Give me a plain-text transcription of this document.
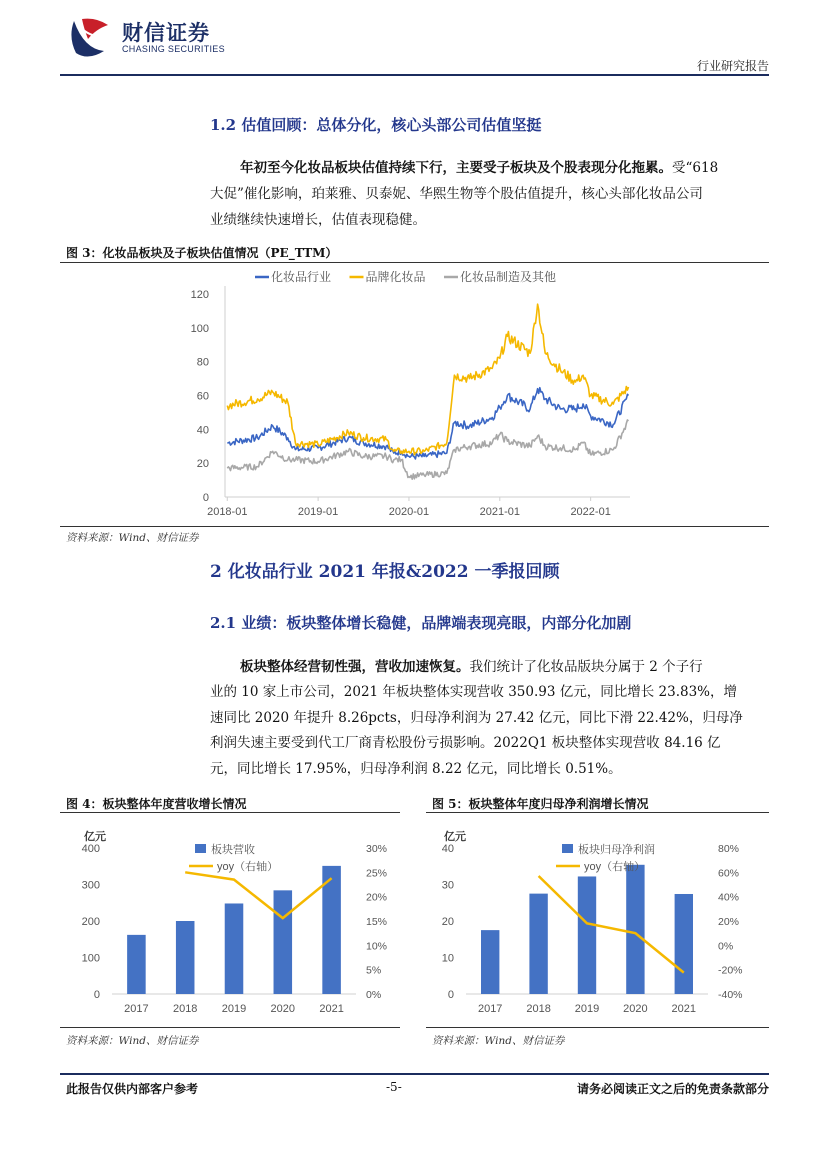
财信证券
CHASING SECURITIES
行业研究报告
1.2 估值回顾：总体分化，核心头部公司估值坚挺
年初至今化妆品板块估值持续下行，主要受子板块及个股表现分化拖累。受“618
大促”催化影响，珀莱雅、贝泰妮、华熙生物等个股估值提升，核心头部化妆品公司
业绩继续快速增长，估值表现稳健。
图 3：化妆品板块及子板块估值情况（PE_TTM）
0
20
40
60
80
100
120
2018-01	2019-01	2020-01	2021-01	2022-01
化妆品行业	品牌化妆品	化妆品制造及其他
资料来源：Wind、财信证券
2 化妆品行业 2021 年报&2022 一季报回顾
2.1 业绩：板块整体增长稳健，品牌端表现亮眼，内部分化加剧
板块整体经营韧性强，营收加速恢复。我们统计了化妆品版块分属于 2 个子行
业的 10 家上市公司，2021 年板块整体实现营收 350.93 亿元，同比增长 23.83%，增
速同比 2020 年提升 8.26pcts，归母净利润为 27.42 亿元，同比下滑 22.42%，归母净
利润失速主要受到代工厂商青松股份亏损影响。2022Q1 板块整体实现营收 84.16 亿
元，同比增长 17.95%，归母净利润 8.22 亿元，同比增长 0.51%。
图 4：板块整体年度营收增长情况
亿元
0
100
200
300
400
0%
5%
10%
15%
20%
25%
30%
2017 2018 2019 2020 2021
板块营收
yoy（右轴）
资料来源：Wind、财信证券
图 5：板块整体年度归母净利润增长情况
亿元
0
10
20
30
40
-40%
-20%
0%
20%
40%
60%
80%
2017 2018 2019 2020 2021
板块归母净利润
yoy（右轴）
资料来源：Wind、财信证券
此报告仅供内部客户参考	-5-	请务必阅读正文之后的免责条款部分
